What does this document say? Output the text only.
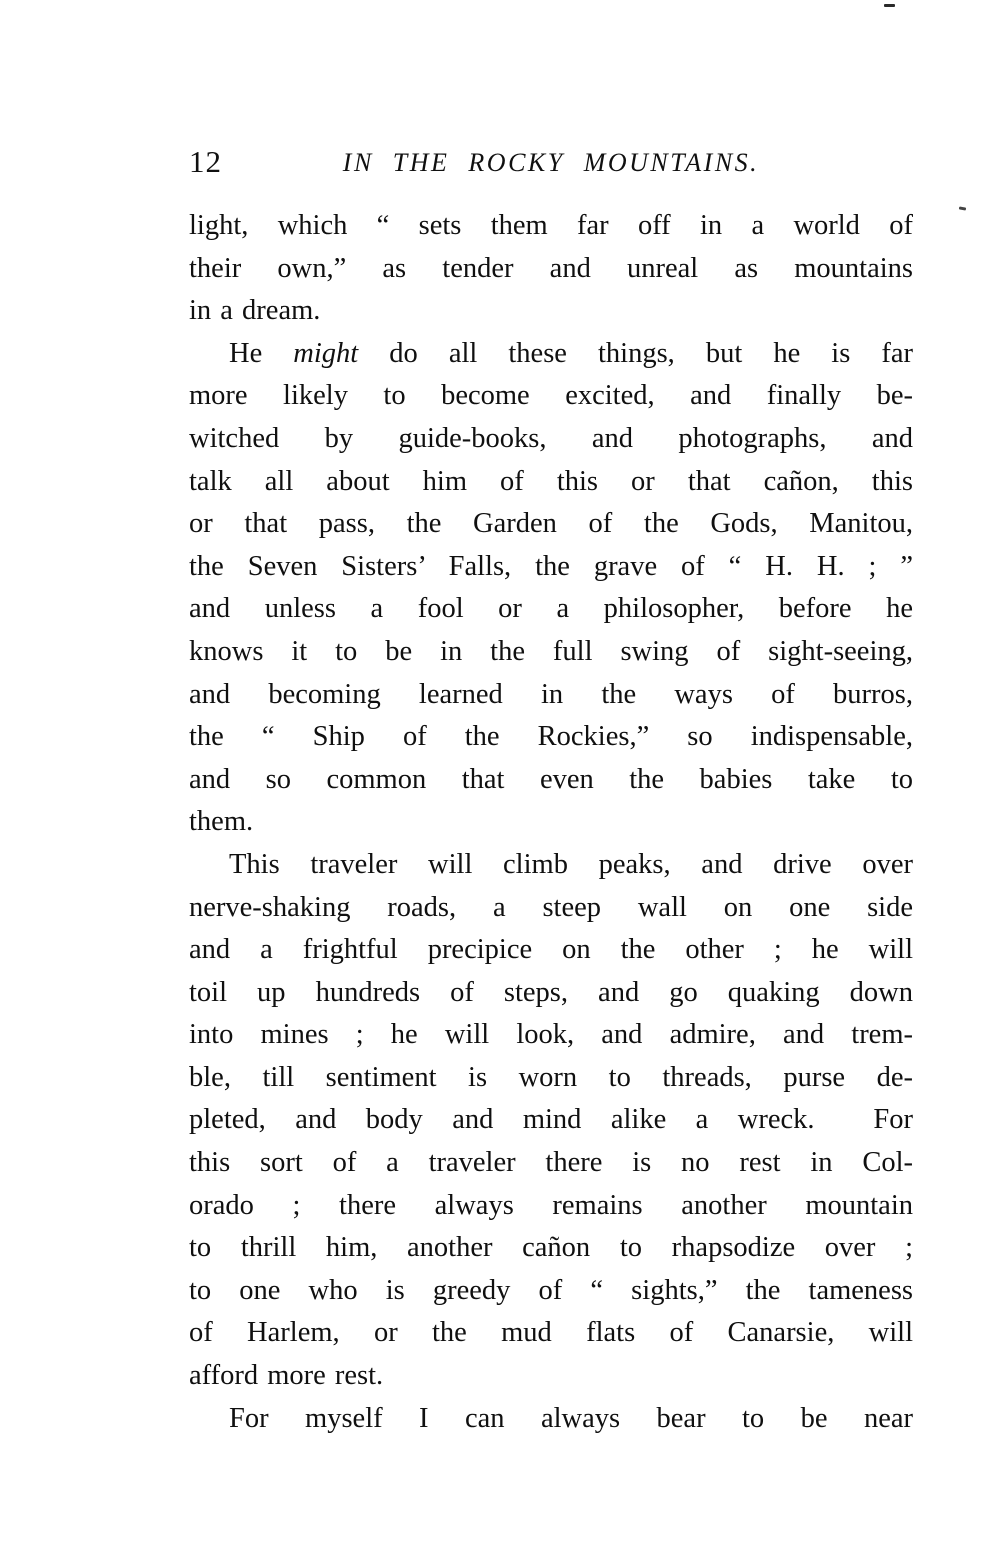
12	IN THE ROCKY MOUNTAINS.
light, which “ sets them far off in a world of
their own,” as tender and unreal as mountains
in a dream.
He might do all these things, but he is far
more likely to become excited, and finally be-
witched by guide-books, and photographs, and
talk all about him of this or that cañon, this
or that pass, the Garden of the Gods, Manitou,
the Seven Sisters’ Falls, the grave of “ H. H. ; ”
and unless a fool or a philosopher, before he
knows it to be in the full swing of sight-seeing,
and becoming learned in the ways of burros,
the “ Ship of the Rockies,” so indispensable,
and so common that even the babies take to
them.
This traveler will climb peaks, and drive over
nerve-shaking roads, a steep wall on one side
and a frightful precipice on the other ; he will
toil up hundreds of steps, and go quaking down
into mines ; he will look, and admire, and trem-
ble, till sentiment is worn to threads, purse de-
pleted, and body and mind alike a wreck.  For
this sort of a traveler there is no rest in Col-
orado ; there always remains another mountain
to thrill him, another cañon to rhapsodize over ;
to one who is greedy of “ sights,” the tameness
of Harlem, or the mud flats of Canarsie, will
afford more rest.
For myself I can always bear to be near
